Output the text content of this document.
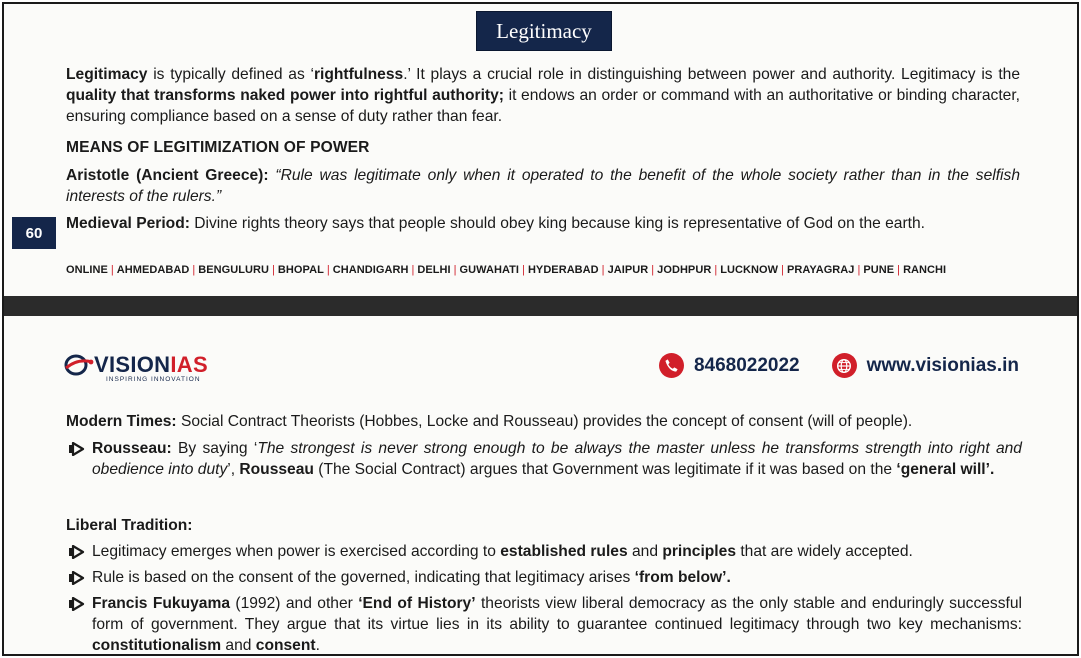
Legitimacy
Legitimacy is typically defined as ‘rightfulness.’ It plays a crucial role in distinguishing between power and authority. Legitimacy is the quality that transforms naked power into rightful authority; it endows an order or command with an authoritative or binding character, ensuring compliance based on a sense of duty rather than fear.
MEANS OF LEGITIMIZATION OF POWER
Aristotle (Ancient Greece): “Rule was legitimate only when it operated to the benefit of the whole society rather than in the selfish interests of the rulers.”
Medieval Period: Divine rights theory says that people should obey king because king is representative of God on the earth.
60
ONLINE | AHMEDABAD | BENGULURU | BHOPAL | CHANDIGARH | DELHI | GUWAHATI | HYDERABAD | JAIPUR | JODHPUR | LUCKNOW | PRAYAGRAJ | PUNE | RANCHI
VISIONIAS
INSPIRING INNOVATION
8468022022	www.visionias.in
Modern Times: Social Contract Theorists (Hobbes, Locke and Rousseau) provides the concept of consent (will of people).
Rousseau: By saying ‘The strongest is never strong enough to be always the master unless he transforms strength into right and obedience into duty’, Rousseau (The Social Contract) argues that Government was legitimate if it was based on the ‘general will’.
Liberal Tradition:
Legitimacy emerges when power is exercised according to established rules and principles that are widely accepted.
Rule is based on the consent of the governed, indicating that legitimacy arises ‘from below’.
Francis Fukuyama (1992) and other ‘End of History’ theorists view liberal democracy as the only stable and enduringly successful form of government. They argue that its virtue lies in its ability to guarantee continued legitimacy through two key mechanisms: constitutionalism and consent.
